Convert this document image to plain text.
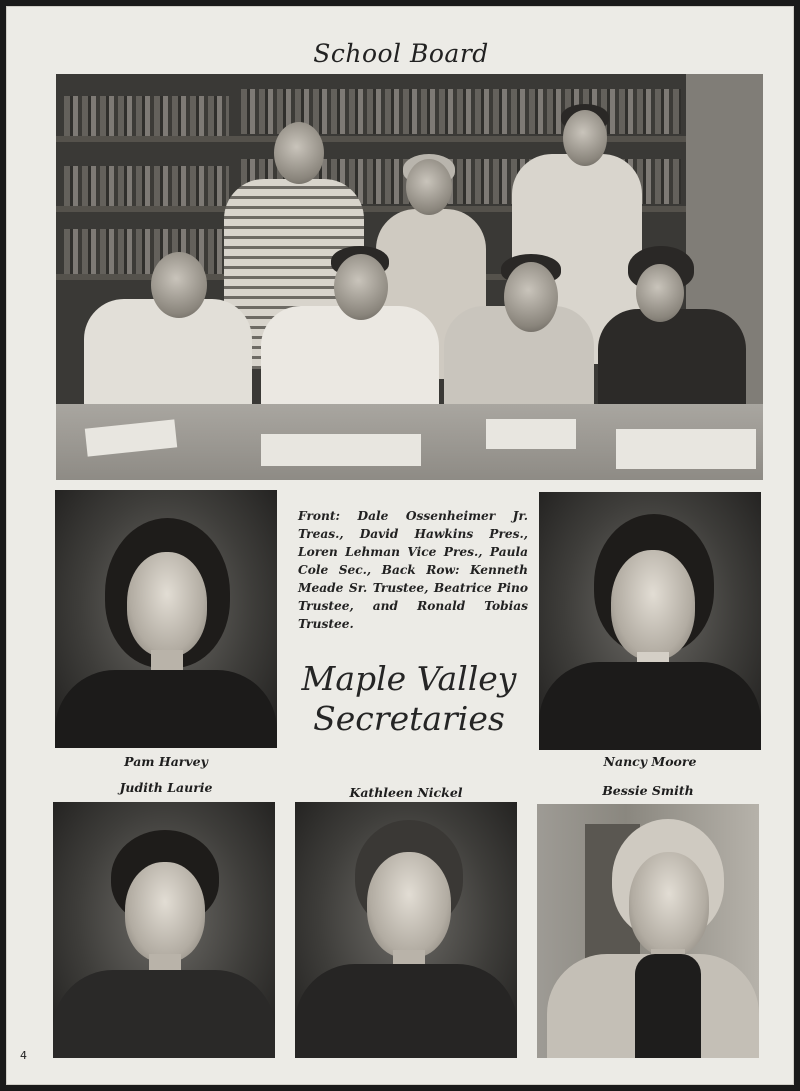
School Board
Front: Dale Ossenheimer Jr. Treas., David Hawkins Pres., Loren Lehman Vice Pres., Paula Cole Sec., Back Row: Kenneth Meade Sr. Trustee, Beatrice Pino Trustee, and Ronald Tobias Trustee.
Maple Valley
Secretaries
Pam Harvey	Nancy Moore
Judith Laurie	Kathleen Nickel	Bessie Smith
4
